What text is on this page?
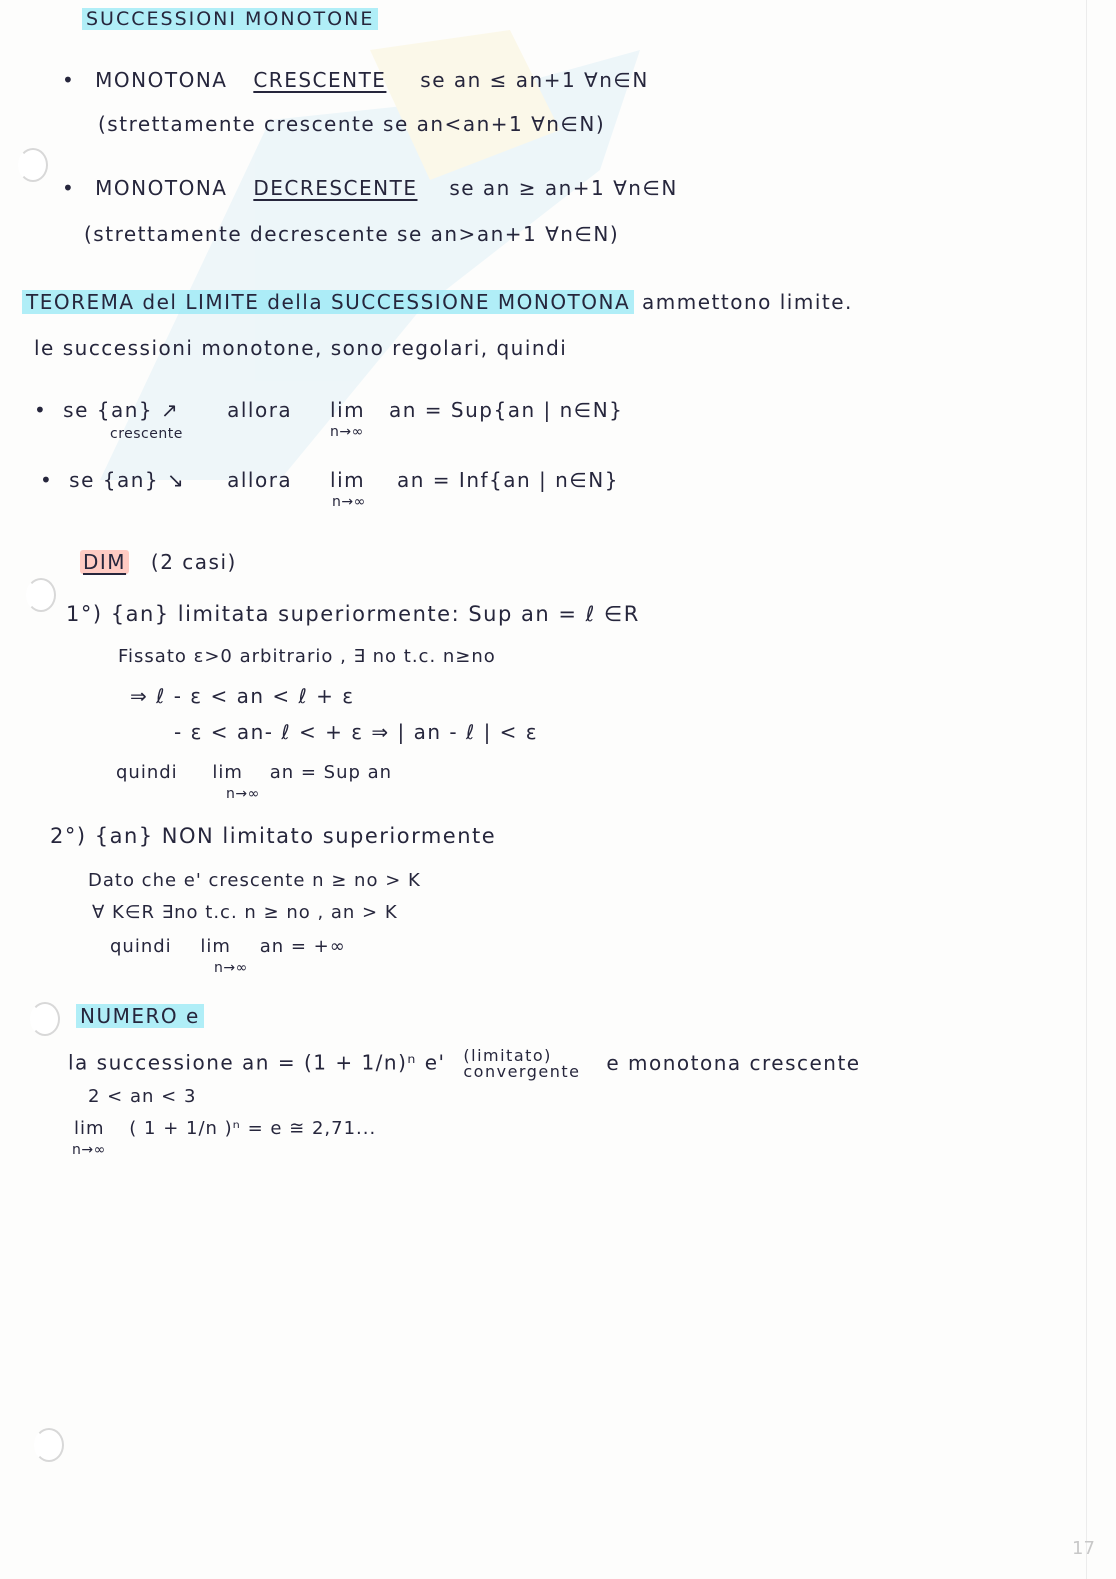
SUCCESSIONI MONOTONE
• MONOTONA CRESCENTE se an ≤ an+1 ∀n∈N
(strettamente crescente se an<an+1 ∀n∈N)
• MONOTONA DECRESCENTE se an ≥ an+1 ∀n∈N
(strettamente decrescente se an>an+1 ∀n∈N)
TEOREMA del LIMITE della SUCCESSIONE MONOTONA ammettono limite.
le successioni monotone, sono regolari, quindi
• se {an} ↗ allora lim an = Sup{an | n∈N}
crescente	n→∞
• se {an} ↘ allora lim an = Inf{an | n∈N}
n→∞
DIM (2 casi)
1°) {an} limitata superiormente: Sup an = ℓ ∈R
Fissato ε>0 arbitrario , ∃ no t.c. n≥no
⇒ ℓ - ε < an < ℓ + ε
- ε < an- ℓ < + ε ⇒ | an - ℓ | < ε
quindi lim an = Sup an
n→∞
2°) {an} NON limitato superiormente
Dato che e' crescente n ≥ no > K
∀ K∈R ∃no t.c. n ≥ no , an > K
quindi lim an = +∞
n→∞
NUMERO e
la successione an = (1 + 1/n)ⁿ e' (limitato)
convergente e monotona crescente
2 < an < 3
lim ( 1 + 1/n )ⁿ = e ≅ 2,71...
n→∞
17
